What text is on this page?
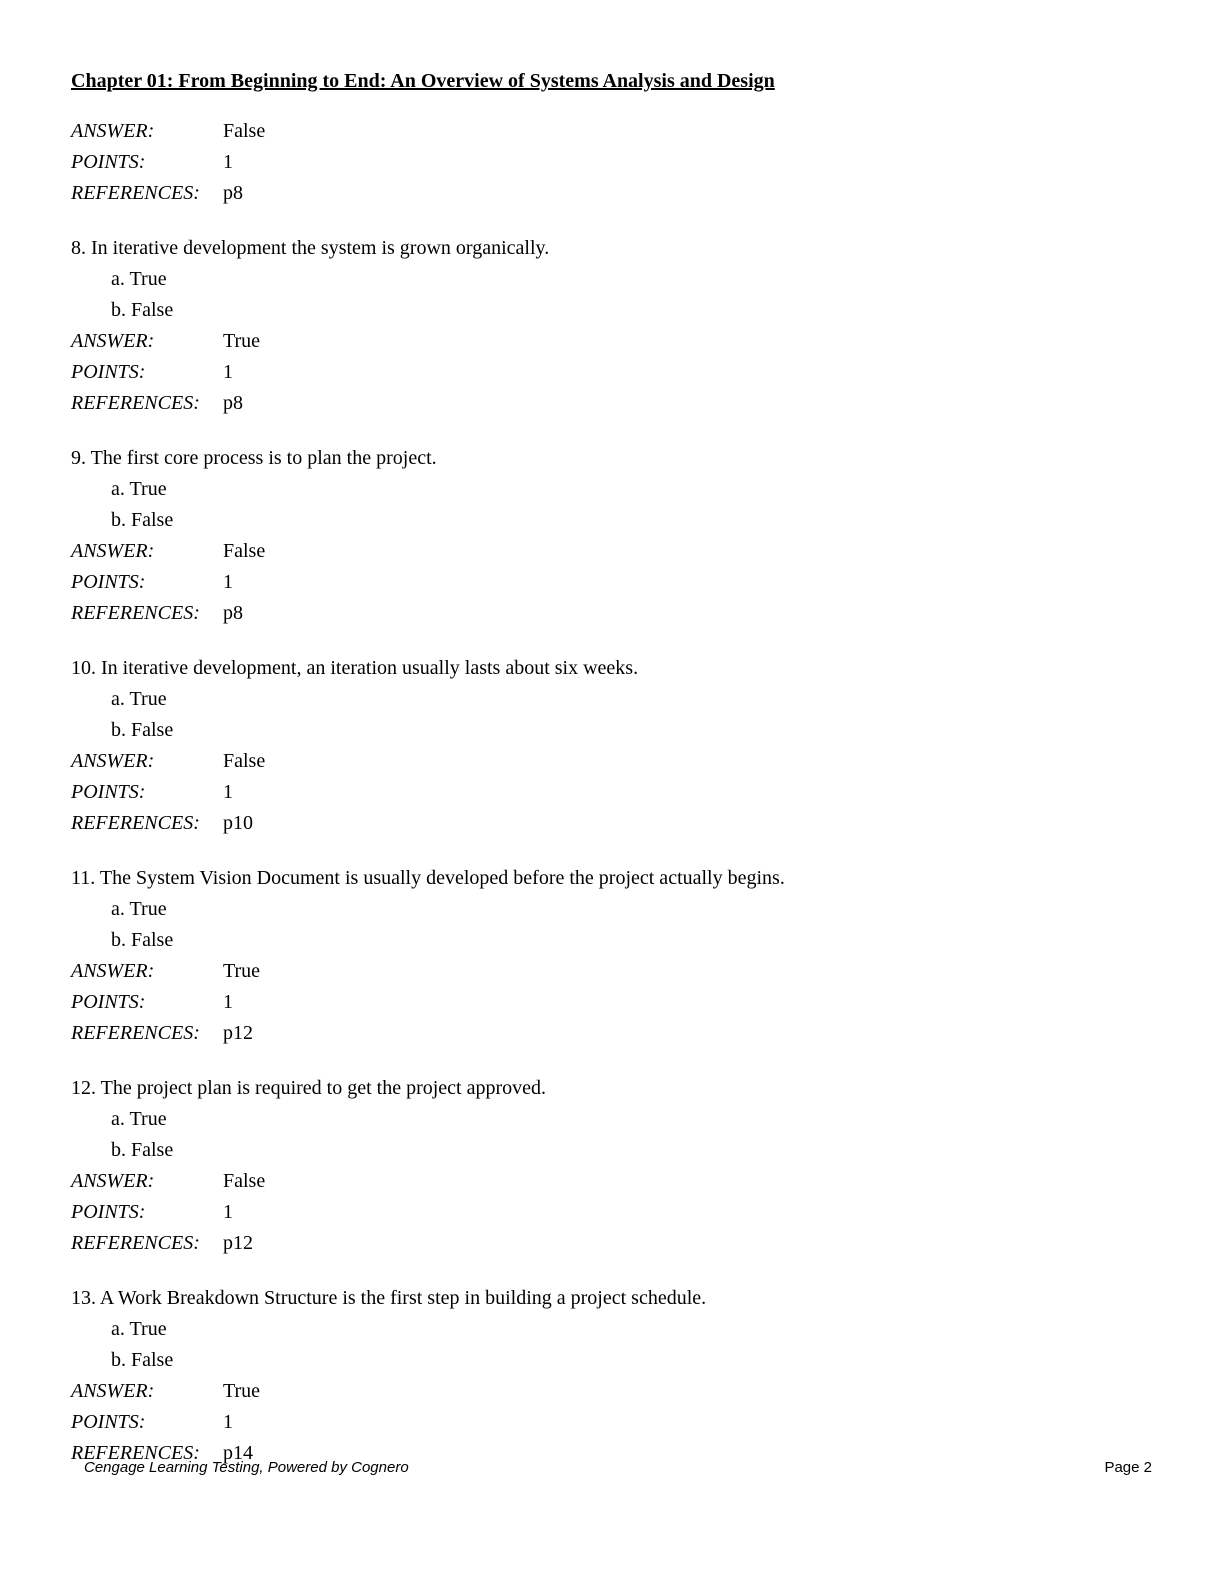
Chapter 01: From Beginning to End: An Overview of Systems Analysis and Design
ANSWER:	False
POINTS:	1
REFERENCES:	p8
8. In iterative development the system is grown organically.
a. True
b. False
ANSWER:	True
POINTS:	1
REFERENCES:	p8
9. The first core process is to plan the project.
a. True
b. False
ANSWER:	False
POINTS:	1
REFERENCES:	p8
10. In iterative development, an iteration usually lasts about six weeks.
a. True
b. False
ANSWER:	False
POINTS:	1
REFERENCES:	p10
11. The System Vision Document is usually developed before the project actually begins.
a. True
b. False
ANSWER:	True
POINTS:	1
REFERENCES:	p12
12. The project plan is required to get the project approved.
a. True
b. False
ANSWER:	False
POINTS:	1
REFERENCES:	p12
13. A Work Breakdown Structure is the first step in building a project schedule.
a. True
b. False
ANSWER:	True
POINTS:	1
REFERENCES:	p14
Cengage Learning Testing, Powered by Cognero	Page 2
